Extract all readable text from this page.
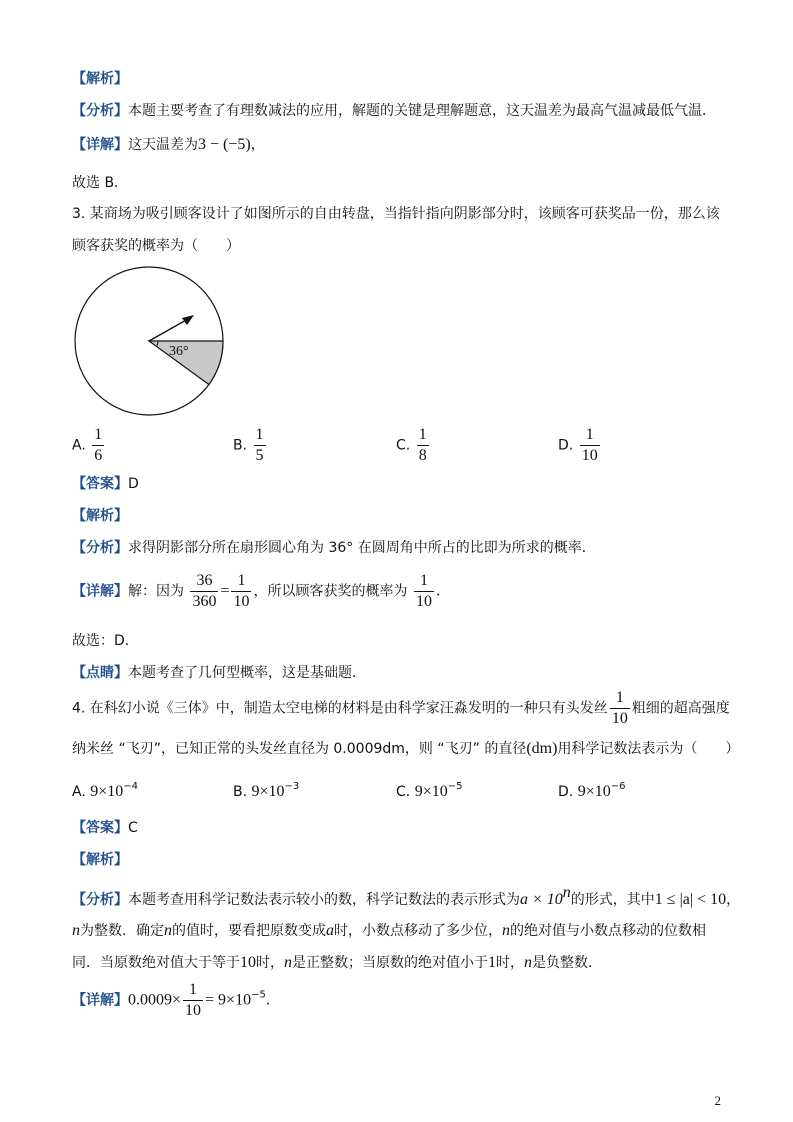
【解析】
【分析】本题主要考查了有理数减法的应用，解题的关键是理解题意，这天温差为最高气温减最低气温．
【详解】这天温差为3 − (−5)，
故选 B．
3. 某商场为吸引顾客设计了如图所示的自由转盘，当指针指向阴影部分时，该顾客可获奖品一份，那么该
顾客获奖的概率为（　　）
36°
A. $\frac{1}{6}$	B. $\frac{1}{5}$	C. $\frac{1}{8}$	D. $\frac{1}{10}$
【答案】D
【解析】
【分析】求得阴影部分所在扇形圆心角为 36° 在圆周角中所占的比即为所求的概率．
【详解】解：因为 $\frac{36}{360} = \frac{1}{10}$ ，所以顾客获奖的概率为 $\frac{1}{10}$ ．
故选：D．
【点睛】本题考查了几何型概率，这是基础题．
4. 在科幻小说《三体》中，制造太空电梯的材料是由科学家汪淼发明的一种只有头发丝 $\frac{1}{10}$ 粗细的超高强度
纳米丝 “飞刃”，已知正常的头发丝直径为 0.0009dm，则 “飞刃” 的直径(dm)用科学记数法表示为（　　）
A. $9\times 10^{-4}$	B. $9\times 10^{-3}$	C. $9\times 10^{-5}$	D. $9\times 10^{-6}$
【答案】C
【解析】
【分析】本题考查用科学记数法表示较小的数，科学记数法的表示形式为$a \times 10^n$的形式，其中1 ≤ |a| < 10，
n为整数．确定n的值时，要看把原数变成a时，小数点移动了多少位，n的绝对值与小数点移动的位数相
同．当原数绝对值大于等于10时，n是正整数；当原数的绝对值小于1时，n是负整数．
【详解】$0.0009\times \frac{1}{10} = 9\times 10^{-5}$．
2
